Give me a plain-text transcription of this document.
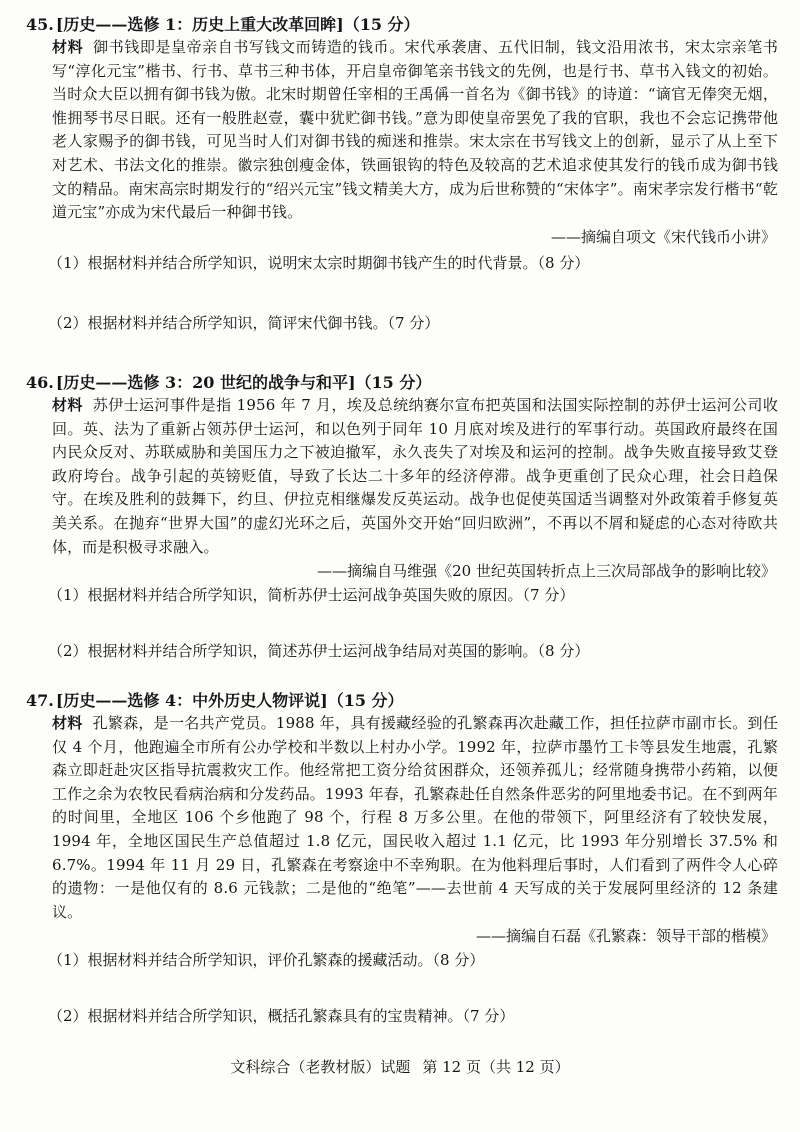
45. [历史——选修 1：历史上重大改革回眸]（15 分）
材料 御书钱即是皇帝亲自书写钱文而铸造的钱币。宋代承袭唐、五代旧制，钱文沿用浓书，宋太宗亲笔书写“淳化元宝”楷书、行书、草书三种书体，开启皇帝御笔亲书钱文的先例，也是行书、草书入钱文的初始。当时众大臣以拥有御书钱为傲。北宋时期曾任宰相的王禹偁一首名为《御书钱》的诗道：“谪官无俸突无烟，惟拥琴书尽日眠。还有一般胜赵壹，囊中犹贮御书钱。”意为即使皇帝罢免了我的官职，我也不会忘记携带他老人家赐予的御书钱，可见当时人们对御书钱的痴迷和推崇。宋太宗在书写钱文上的创新，显示了从上至下对艺术、书法文化的推崇。徽宗独创瘦金体，铁画银钩的特色及较高的艺术追求使其发行的钱币成为御书钱文的精品。南宋高宗时期发行的“绍兴元宝”钱文精美大方，成为后世称赞的“宋体字”。南宋孝宗发行楷书“乾道元宝”亦成为宋代最后一种御书钱。
——摘编自项文《宋代钱币小讲》
（1）根据材料并结合所学知识，说明宋太宗时期御书钱产生的时代背景。（8 分）
（2）根据材料并结合所学知识，简评宋代御书钱。（7 分）
46. [历史——选修 3：20 世纪的战争与和平]（15 分）
材料 苏伊士运河事件是指 1956 年 7 月，埃及总统纳赛尔宣布把英国和法国实际控制的苏伊士运河公司收回。英、法为了重新占领苏伊士运河，和以色列于同年 10 月底对埃及进行的军事行动。英国政府最终在国内民众反对、苏联威胁和美国压力之下被迫撤军，永久丧失了对埃及和运河的控制。战争失败直接导致艾登政府垮台。战争引起的英镑贬值，导致了长达二十多年的经济停滞。战争更重创了民众心理，社会日趋保守。在埃及胜利的鼓舞下，约旦、伊拉克相继爆发反英运动。战争也促使英国适当调整对外政策着手修复英美关系。在抛弃“世界大国”的虚幻光环之后，英国外交开始“回归欧洲”，不再以不屑和疑虑的心态对待欧共体，而是积极寻求融入。
——摘编自马维强《20 世纪英国转折点上三次局部战争的影响比较》
（1）根据材料并结合所学知识，简析苏伊士运河战争英国失败的原因。（7 分）
（2）根据材料并结合所学知识，简述苏伊士运河战争结局对英国的影响。（8 分）
47. [历史——选修 4：中外历史人物评说]（15 分）
材料 孔繁森，是一名共产党员。1988 年，具有援藏经验的孔繁森再次赴藏工作，担任拉萨市副市长。到任仅 4 个月，他跑遍全市所有公办学校和半数以上村办小学。1992 年，拉萨市墨竹工卡等县发生地震，孔繁森立即赶赴灾区指导抗震救灾工作。他经常把工资分给贫困群众，还领养孤儿；经常随身携带小药箱，以便工作之余为农牧民看病治病和分发药品。1993 年春，孔繁森赴任自然条件恶劣的阿里地委书记。在不到两年的时间里，全地区 106 个乡他跑了 98 个，行程 8 万多公里。在他的带领下，阿里经济有了较快发展，1994 年，全地区国民生产总值超过 1.8 亿元，国民收入超过 1.1 亿元，比 1993 年分别增长 37.5% 和 6.7%。1994 年 11 月 29 日，孔繁森在考察途中不幸殉职。在为他料理后事时，人们看到了两件令人心碎的遗物：一是他仅有的 8.6 元钱款；二是他的“绝笔”——去世前 4 天写成的关于发展阿里经济的 12 条建议。
——摘编自石磊《孔繁森：领导干部的楷模》
（1）根据材料并结合所学知识，评价孔繁森的援藏活动。（8 分）
（2）根据材料并结合所学知识，概括孔繁森具有的宝贵精神。（7 分）
文科综合（老教材版）试题 第 12 页（共 12 页）
